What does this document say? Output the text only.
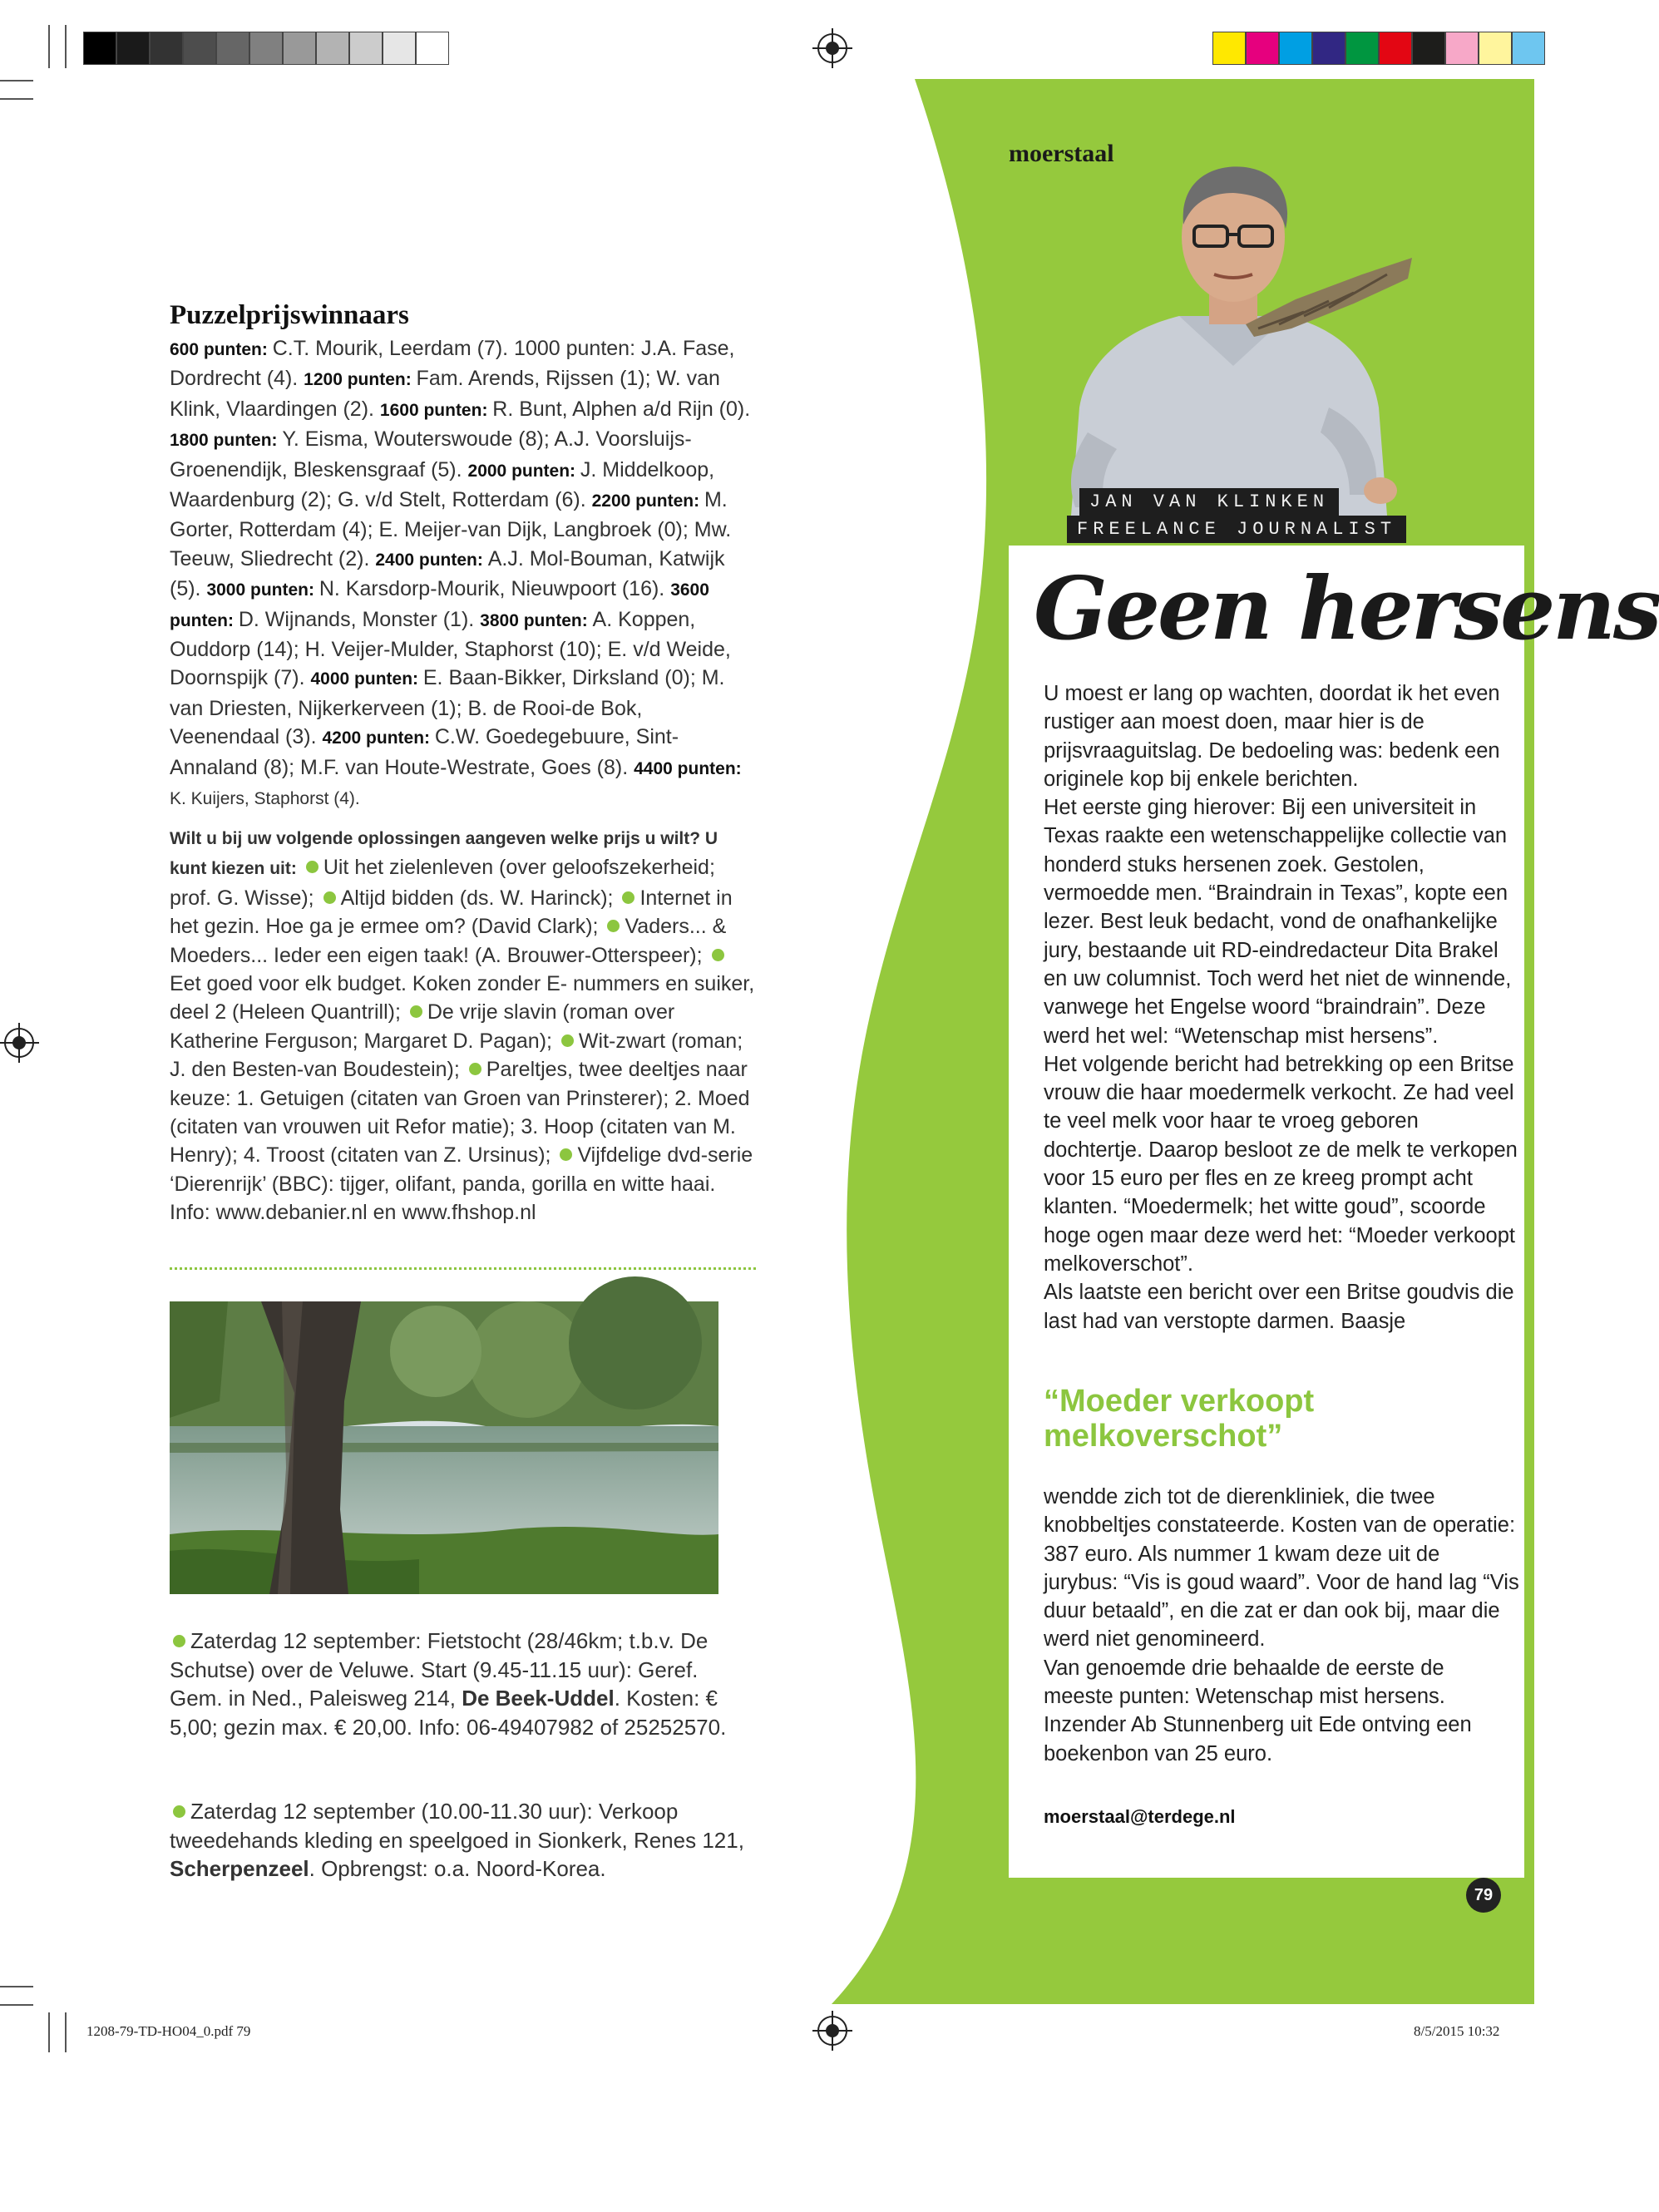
1208-79-TD-HO04_0.pdf 79	8/5/2015 10:32
moerstaal
JAN VAN KLINKEN
FREELANCE JOURNALIST
Geen hersens
U moest er lang op wachten, doordat ik het even rustiger aan moest doen, maar hier is de prijsvraaguitslag. De bedoeling was: bedenk een originele kop bij enkele berichten.
Het eerste ging hierover: Bij een universiteit in Texas raakte een wetenschappelijke collectie van honderd stuks hersenen zoek. Gestolen, vermoedde men. “Braindrain in Texas”, kopte een lezer. Best leuk bedacht, vond de onafhankelijke jury, bestaande uit RD-eindredacteur Dita Brakel en uw columnist. Toch werd het niet de winnende, vanwege het Engelse woord “braindrain”. Deze werd het wel: “Wetenschap mist hersens”.
Het volgende bericht had betrekking op een Britse vrouw die haar moedermelk verkocht. Ze had veel te veel melk voor haar te vroeg geboren dochtertje. Daarop besloot ze de melk te verkopen voor 15 euro per fles en ze kreeg prompt acht klanten. “Moedermelk; het witte goud”, scoorde hoge ogen maar deze werd het: “Moeder verkoopt melkoverschot”.
Als laatste een bericht over een Britse goudvis die last had van verstopte darmen. Baasje
“Moeder verkoopt melkoverschot”
wendde zich tot de dierenkliniek, die twee knobbeltjes constateerde. Kosten van de operatie: 387 euro. Als nummer 1 kwam deze uit de jurybus: “Vis is goud waard”. Voor de hand lag “Vis duur betaald”, en die zat er dan ook bij, maar die werd niet genomineerd.
Van genoemde drie behaalde de eerste de meeste punten: Wetenschap mist hersens. Inzender Ab Stunnenberg uit Ede ontving een boekenbon van 25 euro.
moerstaal@terdege.nl
79
Puzzelprijswinnaars
600 punten: C.T. Mourik, Leerdam (7). 1000 punten: J.A. Fase, Dordrecht (4). 1200 punten: Fam. Arends, Rijssen (1); W. van Klink, Vlaardingen (2). 1600 punten: R. Bunt, Alphen a/d Rijn (0). 1800 punten: Y. Eisma, Wouterswoude (8); A.J. Voorsluijs-Groenendijk, Bleskensgraaf (5). 2000 punten: J. Middelkoop, Waardenburg (2); G. v/d Stelt, Rotterdam (6). 2200 punten: M. Gorter, Rotterdam (4); E. Meijer-van Dijk, Langbroek (0); Mw. Teeuw, Sliedrecht (2). 2400 punten: A.J. Mol-Bouman, Katwijk (5). 3000 punten: N. Karsdorp-Mourik, Nieuwpoort (16). 3600 punten: D. Wijnands, Monster (1). 3800 punten: A. Koppen, Ouddorp (14); H. Veijer-Mulder, Staphorst (10); E. v/d Weide, Doornspijk (7). 4000 punten: E. Baan-Bikker, Dirksland (0); M. van Driesten, Nijkerkerveen (1); B. de Rooi-de Bok, Veenendaal (3). 4200 punten: C.W. Goedegebuure, Sint-Annaland (8); M.F. van Houte-Westrate, Goes (8). 4400 punten: K. Kuijers, Staphorst (4).
Wilt u bij uw volgende oplossingen aangeven welke prijs u wilt? U kunt kiezen uit: Uit het zielenleven (over geloofszekerheid; prof. G. Wisse); Altijd bidden (ds. W. Harinck); Internet in het gezin. Hoe ga je ermee om? (David Clark); Vaders... & Moeders... Ieder een eigen taak! (A. Brouwer-Otterspeer); Eet goed voor elk budget. Koken zonder E- nummers en suiker, deel 2 (Heleen Quantrill); De vrije slavin (roman over Katherine Ferguson; Margaret D. Pagan); Wit-zwart (roman; J. den Besten-van Boudestein); Pareltjes, twee deeltjes naar keuze: 1. Getuigen (citaten van Groen van Prinsterer); 2. Moed (citaten van vrouwen uit Refor matie); 3. Hoop (citaten van M. Henry); 4. Troost (citaten van Z. Ursinus); Vijfdelige dvd-serie ‘Dierenrijk’ (BBC): tijger, olifant, panda, gorilla en witte haai.
Info: www.debanier.nl en www.fhshop.nl
Zaterdag 12 september: Fietstocht (28/46km; t.b.v. De Schutse) over de Veluwe. Start (9.45-11.15 uur): Geref. Gem. in Ned., Paleisweg 214, De Beek-Uddel. Kosten: € 5,00; gezin max. € 20,00. Info: 06-49407982 of 25252570.
Zaterdag 12 september (10.00-11.30 uur): Verkoop tweedehands kleding en speelgoed in Sionkerk, Renes 121, Scherpenzeel. Opbrengst: o.a. Noord-Korea.
